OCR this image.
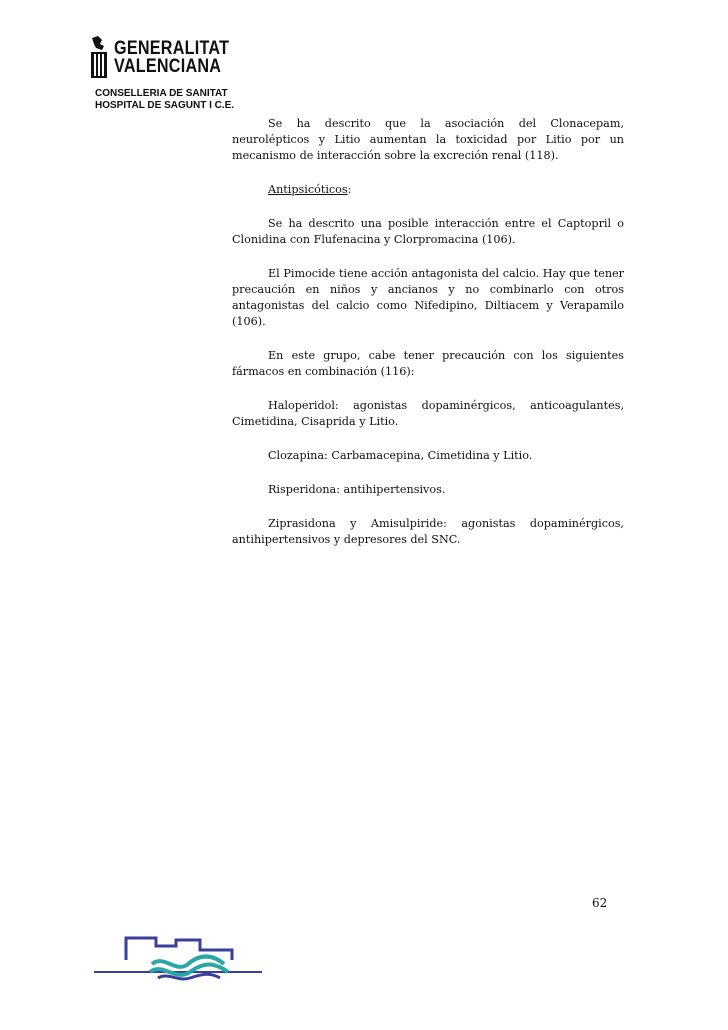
GENERALITAT
VALENCIANA
CONSELLERIA DE SANITAT
HOSPITAL DE SAGUNT I C.E.

Se ha descrito que la asociación del Clonacepam, neurolépticos y Litio aumentan la toxicidad por Litio por un mecanismo de interacción sobre la excreción renal (118).

Antipsicóticos:

Se ha descrito una posible interacción entre el Captopril o Clonidina con Flufenacina y Clorpromacina (106).

El Pimocide tiene acción antagonista del calcio. Hay que tener precaución en niños y ancianos y no combinarlo con otros antagonistas del calcio como Nifedipino, Diltiacem y Verapamilo (106).

En este grupo, cabe tener precaución con los siguientes fármacos en combinación (116):

Haloperidol: agonistas dopaminérgicos, anticoagulantes, Cimetidina, Cisaprida y Litio.

Clozapina: Carbamacepina, Cimetidina y Litio.

Risperidona: antihipertensivos.

Ziprasidona y Amisulpiride: agonistas dopaminérgicos, antihipertensivos y depresores del SNC.

62
